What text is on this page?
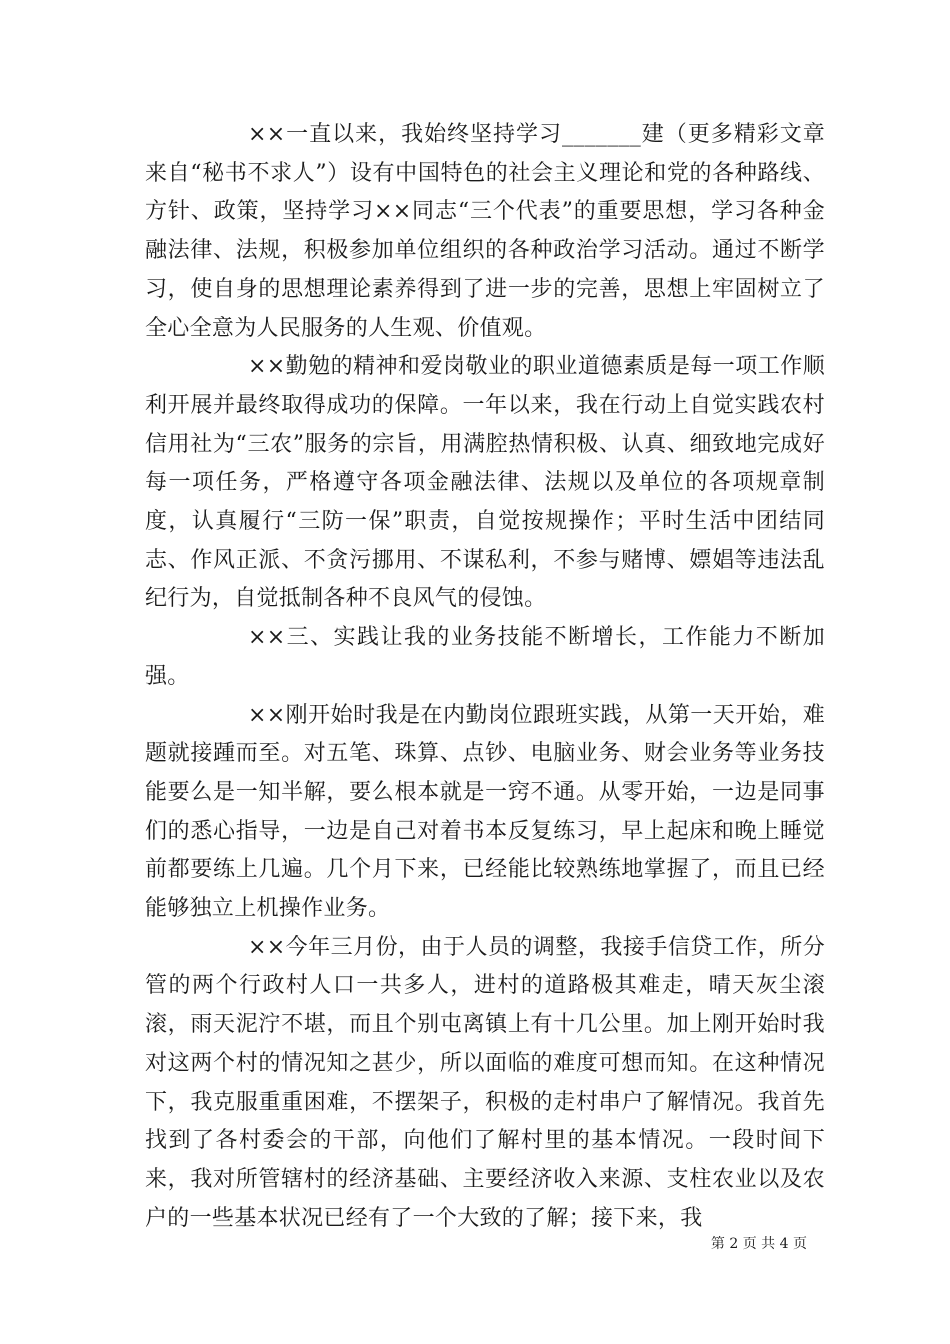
××一直以来，我始终坚持学习_______建（更多精彩文章来自“秘书不求人”）设有中国特色的社会主义理论和党的各种路线、方针、政策，坚持学习××同志“三个代表”的重要思想，学习各种金融法律、法规，积极参加单位组织的各种政治学习活动。通过不断学习，使自身的思想理论素养得到了进一步的完善，思想上牢固树立了全心全意为人民服务的人生观、价值观。

××勤勉的精神和爱岗敬业的职业道德素质是每一项工作顺利开展并最终取得成功的保障。一年以来，我在行动上自觉实践农村信用社为“三农”服务的宗旨，用满腔热情积极、认真、细致地完成好每一项任务，严格遵守各项金融法律、法规以及单位的各项规章制度，认真履行“三防一保”职责，自觉按规操作；平时生活中团结同志、作风正派、不贪污挪用、不谋私利，不参与赌博、嫖娼等违法乱纪行为，自觉抵制各种不良风气的侵蚀。

××三、实践让我的业务技能不断增长，工作能力不断加强。

××刚开始时我是在内勤岗位跟班实践，从第一天开始，难题就接踵而至。对五笔、珠算、点钞、电脑业务、财会业务等业务技能要么是一知半解，要么根本就是一窍不通。从零开始，一边是同事们的悉心指导，一边是自己对着书本反复练习，早上起床和晚上睡觉前都要练上几遍。几个月下来，已经能比较熟练地掌握了，而且已经能够独立上机操作业务。

××今年三月份，由于人员的调整，我接手信贷工作，所分管的两个行政村人口一共多人，进村的道路极其难走，晴天灰尘滚滚，雨天泥泞不堪，而且个别屯离镇上有十几公里。加上刚开始时我对这两个村的情况知之甚少，所以面临的难度可想而知。在这种情况下，我克服重重困难，不摆架子，积极的走村串户了解情况。我首先找到了各村委会的干部，向他们了解村里的基本情况。一段时间下来，我对所管辖村的经济基础、主要经济收入来源、支柱农业以及农户的一些基本状况已经有了一个大致的了解；接下来，我

第 2 页 共 4 页
